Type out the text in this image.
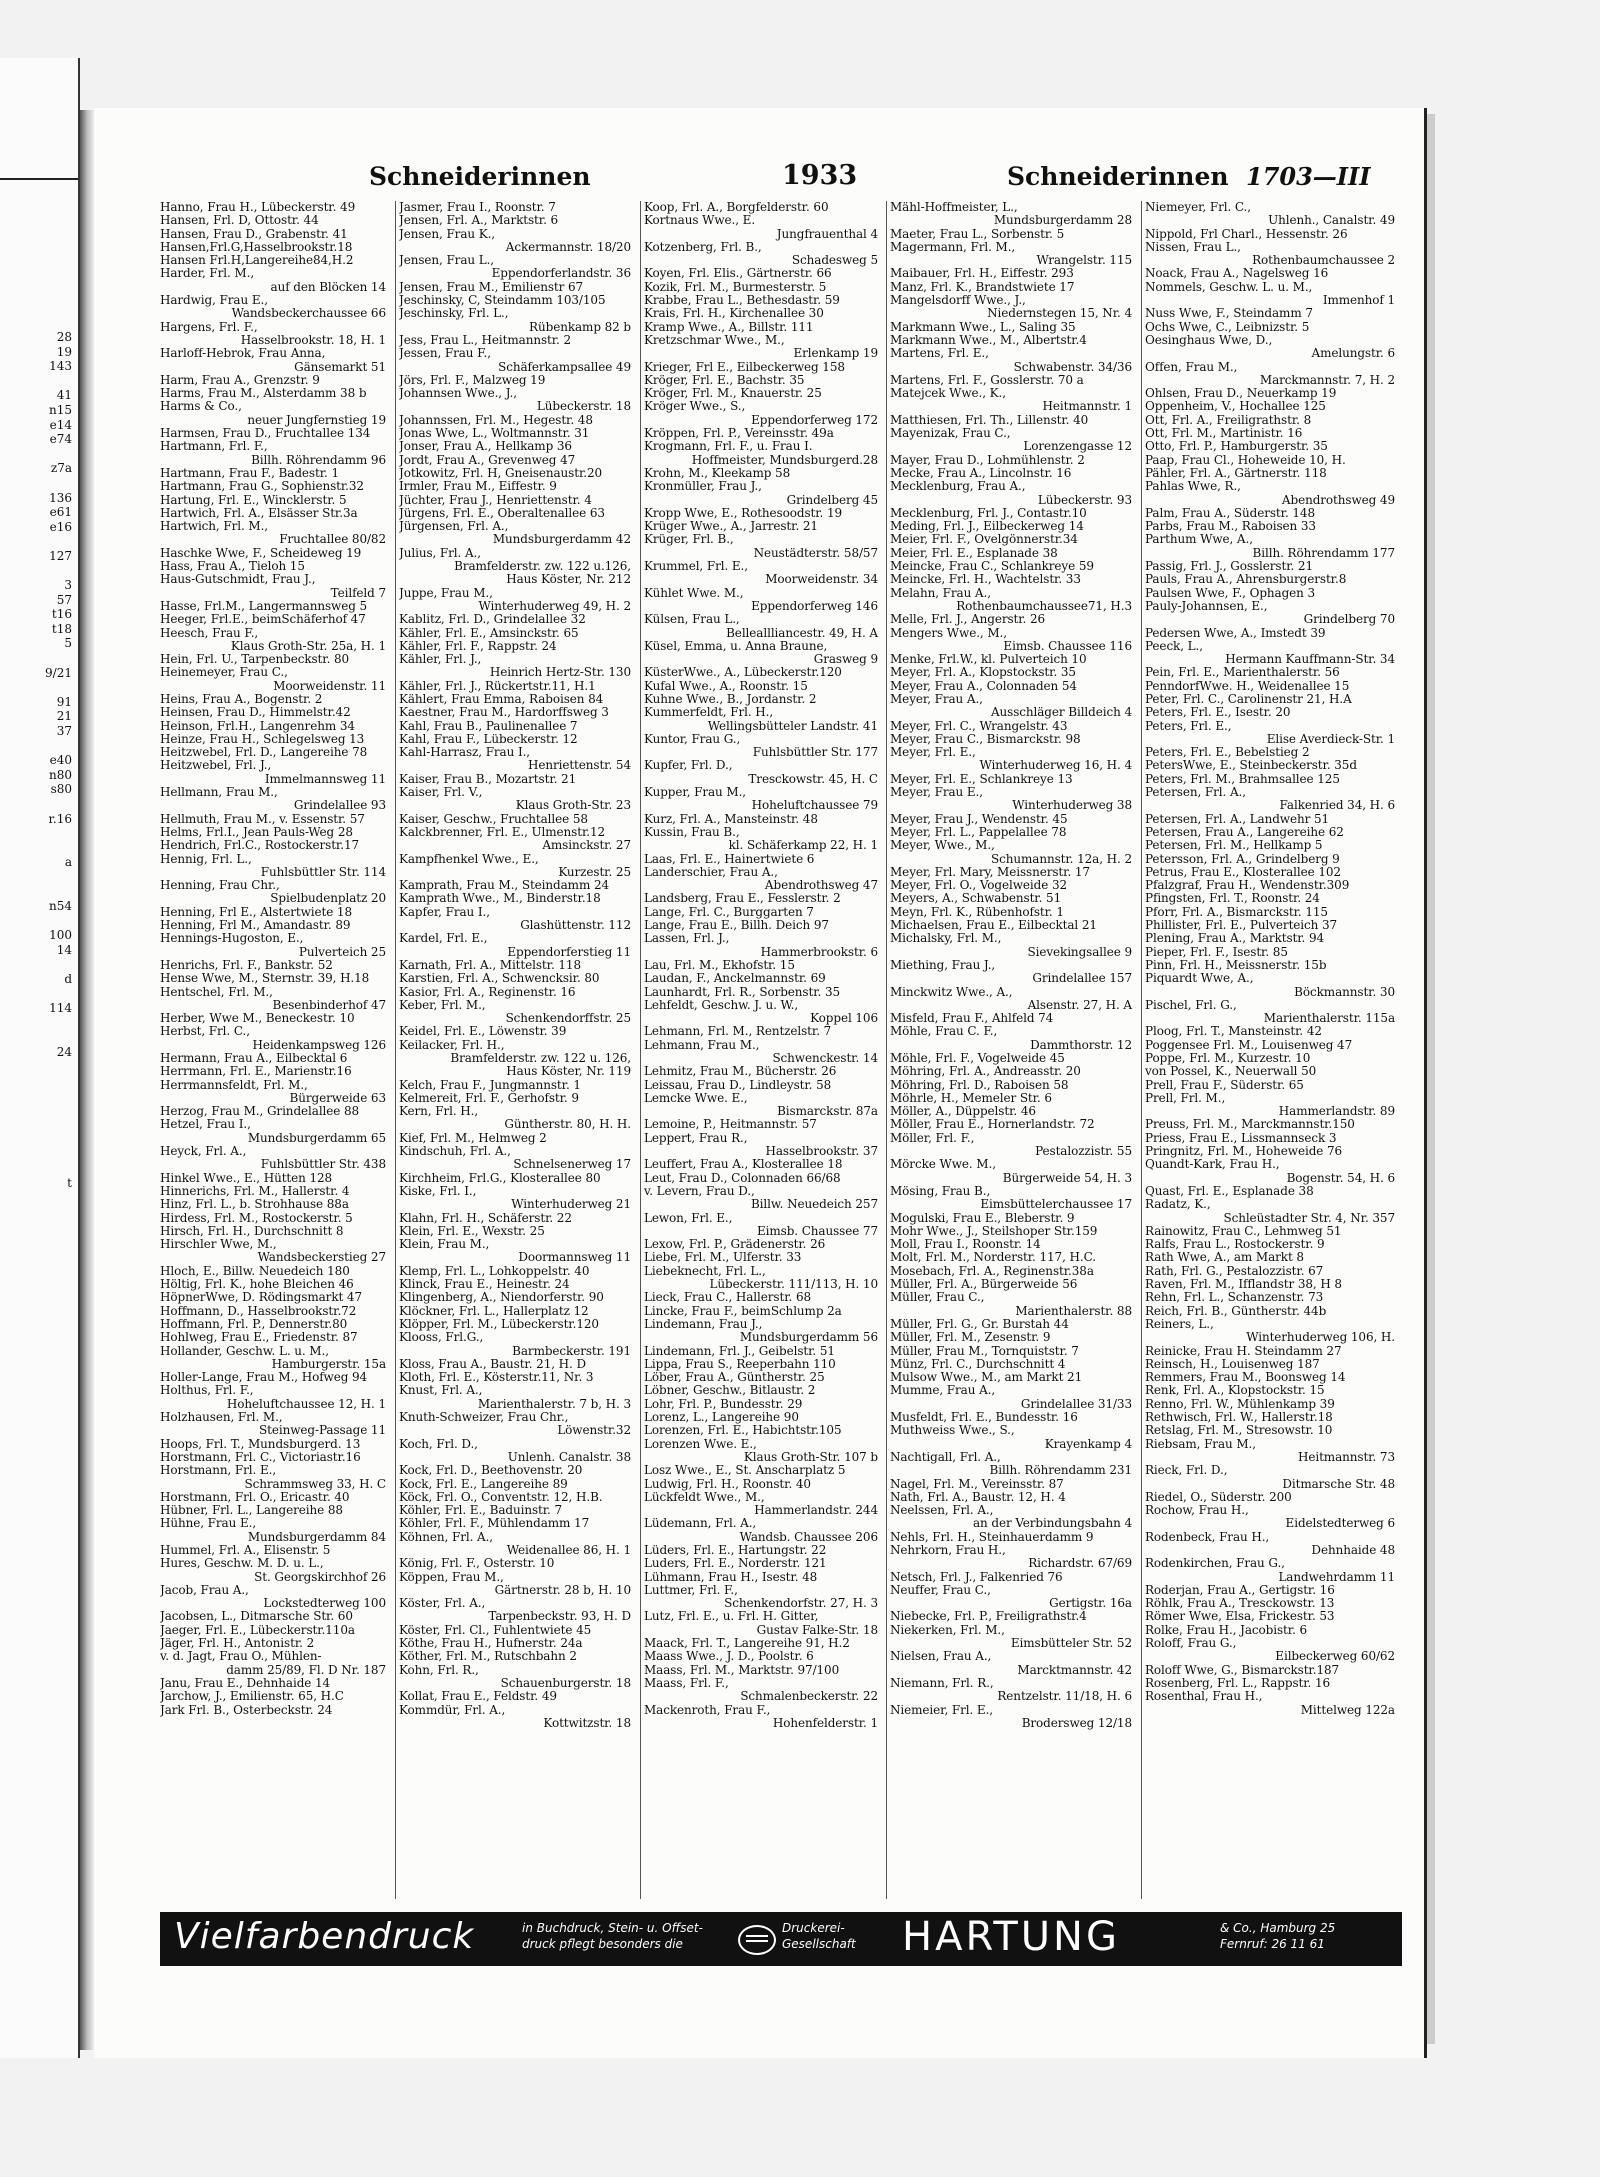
28
19
143

41
n15
e14
e74

z7a

136
e61
e16

127

3
57
t16
t18
5

9/21

91
21
37

e40
n80
s80

r.16

a

n54

100
14

d

114

24

t

Schneiderinnen	1933	Schneiderinnen 1703—III
Hanno, Frau H., Lübeckerstr. 49
Hansen, Frl. D, Ottostr. 44
Hansen, Frau D., Grabenstr. 41
Hansen,Frl.G,Hasselbrookstr.18
Hansen Frl.H,Langereihe84,H.2
Harder, Frl. M.,
auf den Blöcken 14
Hardwig, Frau E.,
Wandsbeckerchaussee 66
Hargens, Frl. F.,
Hasselbrookstr. 18, H. 1
Harloff-Hebrok, Frau Anna,
Gänsemarkt 51
Harm, Frau A., Grenzstr. 9
Harms, Frau M., Alsterdamm 38 b
Harms & Co.,
neuer Jungfernstieg 19
Harmsen, Frau D., Fruchtallee 134
Hartmann, Frl. F.,
Billh. Röhrendamm 96
Hartmann, Frau F., Badestr. 1
Hartmann, Frau G., Sophienstr.32
Hartung, Frl. E., Wincklerstr. 5
Hartwich, Frl. A., Elsässer Str.3a
Hartwich, Frl. M.,
Fruchtallee 80/82
Haschke Wwe, F., Scheideweg 19
Hass, Frau A., Tieloh 15
Haus-Gutschmidt, Frau J.,
Teilfeld 7
Hasse, Frl.M., Langermannsweg 5
Heeger, Frl.E., beimSchäferhof 47
Heesch, Frau F.,
Klaus Groth-Str. 25a, H. 1
Hein, Frl. U., Tarpenbeckstr. 80
Heinemeyer, Frau C.,
Moorweidenstr. 11
Heins, Frau A., Bogenstr. 2
Heinsen, Frau D., Himmelstr.42
Heinson, Frl.H., Langenrehm 34
Heinze, Frau H., Schlegelsweg 13
Heitzwebel, Frl. D., Langereihe 78
Heitzwebel, Frl. J.,
Immelmannsweg 11
Hellmann, Frau M.,
Grindelallee 93
Hellmuth, Frau M., v. Essenstr. 57
Helms, Frl.I., Jean Pauls-Weg 28
Hendrich, Frl.C., Rostockerstr.17
Hennig, Frl. L.,
Fuhlsbüttler Str. 114
Henning, Frau Chr.,
Spielbudenplatz 20
Henning, Frl E., Alstertwiete 18
Henning, Frl M., Amandastr. 89
Hennings-Hugoston, E.,
Pulverteich 25
Henrichs, Frl. F., Bankstr. 52
Hense Wwe, M., Sternstr. 39, H.18
Hentschel, Frl. M.,
Besenbinderhof 47
Herber, Wwe M., Beneckestr. 10
Herbst, Frl. C.,
Heidenkampsweg 126
Hermann, Frau A., Eilbecktal 6
Herrmann, Frl. E., Marienstr.16
Herrmannsfeldt, Frl. M.,
Bürgerweide 63
Herzog, Frau M., Grindelallee 88
Hetzel, Frau I.,
Mundsburgerdamm 65
Heyck, Frl. A.,
Fuhlsbüttler Str. 438
Hinkel Wwe., E., Hütten 128
Hinnerichs, Frl. M., Hallerstr. 4
Hinz, Frl. L., b. Strohhause 88a
Hirdess, Frl. M., Rostockerstr. 5
Hirsch, Frl. H., Durchschnitt 8
Hirschler Wwe, M.,
Wandsbeckerstieg 27
Hloch, E., Billw. Neuedeich 180
Höltig, Frl. K., hohe Bleichen 46
HöpnerWwe, D. Rödingsmarkt 47
Hoffmann, D., Hasselbrookstr.72
Hoffmann, Frl. P., Dennerstr.80
Hohlweg, Frau E., Friedenstr. 87
Hollander, Geschw. L. u. M.,
Hamburgerstr. 15a
Holler-Lange, Frau M., Hofweg 94
Holthus, Frl. F.,
Hoheluftchaussee 12, H. 1
Holzhausen, Frl. M.,
Steinweg-Passage 11
Hoops, Frl. T., Mundsburgerd. 13
Horstmann, Frl. C., Victoriastr.16
Horstmann, Frl. E.,
Schrammsweg 33, H. C
Horstmann, Frl. O., Ericastr. 40
Hübner, Frl. L., Langereihe 88
Hühne, Frau E.,
Mundsburgerdamm 84
Hummel, Frl. A., Elisenstr. 5
Hures, Geschw. M. D. u. L.,
St. Georgskirchhof 26
Jacob, Frau A.,
Lockstedterweg 100
Jacobsen, L., Ditmarsche Str. 60
Jaeger, Frl. E., Lübeckerstr.110a
Jäger, Frl. H., Antonistr. 2
v. d. Jagt, Frau O., Mühlen-
damm 25/89, Fl. D Nr. 187
Janu, Frau E., Dehnhaide 14
Jarchow, J., Emilienstr. 65, H.C
Jark Frl. B., Osterbeckstr. 24
Jasmer, Frau I., Roonstr. 7
Jensen, Frl. A., Marktstr. 6
Jensen, Frau K.,
Ackermannstr. 18/20
Jensen, Frau L.,
Eppendorferlandstr. 36
Jensen, Frau M., Emilienstr 67
Jeschinsky, C, Steindamm 103/105
Jeschinsky, Frl. L.,
Rübenkamp 82 b
Jess, Frau L., Heitmannstr. 2
Jessen, Frau F.,
Schäferkampsallee 49
Jörs, Frl. F., Malzweg 19
Johannsen Wwe., J.,
Lübeckerstr. 18
Johannssen, Frl. M., Hegestr. 48
Jonas Wwe, L., Woltmannstr. 31
Jonser, Frau A., Hellkamp 36
Jordt, Frau A., Grevenweg 47
Jotkowitz, Frl. H, Gneisenaustr.20
Irmler, Frau M., Eiffestr. 9
Jüchter, Frau J., Henriettenstr. 4
Jürgens, Frl. E., Oberaltenallee 63
Jürgensen, Frl. A.,
Mundsburgerdamm 42
Julius, Frl. A.,
Bramfelderstr. zw. 122 u.126,
Haus Köster, Nr. 212
Juppe, Frau M.,
Winterhuderweg 49, H. 2
Kablitz, Frl. D., Grindelallee 32
Kähler, Frl. E., Amsinckstr. 65
Kähler, Frl. F., Rappstr. 24
Kähler, Frl. J.,
Heinrich Hertz-Str. 130
Kähler, Frl. J., Rückertstr.11, H.1
Kählert, Frau Emma, Raboisen 84
Kaestner, Frau M., Hardorffsweg 3
Kahl, Frau B., Paulinenallee 7
Kahl, Frau F., Lübeckerstr. 12
Kahl-Harrasz, Frau I.,
Henriettenstr. 54
Kaiser, Frau B., Mozartstr. 21
Kaiser, Frl. V.,
Klaus Groth-Str. 23
Kaiser, Geschw., Fruchtallee 58
Kalckbrenner, Frl. E., Ulmenstr.12
Amsinckstr. 27
Kampfhenkel Wwe., E.,
Kurzestr. 25
Kamprath, Frau M., Steindamm 24
Kamprath Wwe., M., Binderstr.18
Kapfer, Frau I.,
Glashüttenstr. 112
Kardel, Frl. E.,
Eppendorferstieg 11
Karnath, Frl. A., Mittelstr. 118
Karstien, Frl. A., Schwencksir. 80
Kasior, Frl. A., Reginenstr. 16
Keber, Frl. M.,
Schenkendorffstr. 25
Keidel, Frl. E., Löwenstr. 39
Keilacker, Frl. H.,
Bramfelderstr. zw. 122 u. 126,
Haus Köster, Nr. 119
Kelch, Frau F., Jungmannstr. 1
Kelmereit, Frl. F., Gerhofstr. 9
Kern, Frl. H.,
Güntherstr. 80, H. H.
Kief, Frl. M., Helmweg 2
Kindschuh, Frl. A.,
Schnelsenerweg 17
Kirchheim, Frl.G., Klosterallee 80
Kiske, Frl. I.,
Winterhuderweg 21
Klahn, Frl. H., Schäferstr. 22
Klein, Frl. E., Wexstr. 25
Klein, Frau M.,
Doormannsweg 11
Klemp, Frl. L., Lohkoppelstr. 40
Klinck, Frau E., Heinestr. 24
Klingenberg, A., Niendorferstr. 90
Klöckner, Frl. L., Hallerplatz 12
Klöpper, Frl. M., Lübeckerstr.120
Klooss, Frl.G.,
Barmbeckerstr. 191
Kloss, Frau A., Baustr. 21, H. D
Kloth, Frl. E., Kösterstr.11, Nr. 3
Knust, Frl. A.,
Marienthalerstr. 7 b, H. 3
Knuth-Schweizer, Frau Chr.,
Löwenstr.32
Koch, Frl. D.,
Unlenh. Canalstr. 38
Kock, Frl. D., Beethovenstr. 20
Kock, Frl. E., Langereihe 89
Köck, Frl. O., Conventstr. 12, H.B.
Köhler, Frl. E., Baduinstr. 7
Köhler, Frl. F., Mühlendamm 17
Köhnen, Frl. A.,
Weidenallee 86, H. 1
König, Frl. F., Osterstr. 10
Köppen, Frau M.,
Gärtnerstr. 28 b, H. 10
Köster, Frl. A.,
Tarpenbeckstr. 93, H. D
Köster, Frl. Cl., Fuhlentwiete 45
Köthe, Frau H., Hufnerstr. 24a
Köther, Frl. M., Rutschbahn 2
Kohn, Frl. R.,
Schauenburgerstr. 18
Kollat, Frau E., Feldstr. 49
Kommdür, Frl. A.,
Kottwitzstr. 18
Koop, Frl. A., Borgfelderstr. 60
Kortnaus Wwe., E.
Jungfrauenthal 4
Kotzenberg, Frl. B.,
Schadesweg 5
Koyen, Frl. Elis., Gärtnerstr. 66
Kozik, Frl. M., Burmesterstr. 5
Krabbe, Frau L., Bethesdastr. 59
Krais, Frl. H., Kirchenallee 30
Kramp Wwe., A., Billstr. 111
Kretzschmar Wwe., M.,
Erlenkamp 19
Krieger, Frl E., Eilbeckerweg 158
Kröger, Frl. E., Bachstr. 35
Kröger, Frl. M., Knauerstr. 25
Kröger Wwe., S.,
Eppendorferweg 172
Kröppen, Frl. P., Vereinsstr. 49a
Krogmann, Frl. F., u. Frau I.
Hoffmeister, Mundsburgerd.28
Krohn, M., Kleekamp 58
Kronmüller, Frau J.,
Grindelberg 45
Kropp Wwe, E., Rothesoodstr. 19
Krüger Wwe., A., Jarrestr. 21
Krüger, Frl. B.,
Neustädterstr. 58/57
Krummel, Frl. E.,
Moorweidenstr. 34
Kühlet Wwe. M.,
Eppendorferweg 146
Külsen, Frau L.,
Belleallliancestr. 49, H. A
Küsel, Emma, u. Anna Braune,
Grasweg 9
KüsterWwe., A., Lübeckerstr.120
Kufal Wwe., A., Roonstr. 15
Kuhne Wwe., B., Jordanstr. 2
Kummerfeldt, Frl. H.,
Wellingsbütteler Landstr. 41
Kuntor, Frau G.,
Fuhlsbüttler Str. 177
Kupfer, Frl. D.,
Tresckowstr. 45, H. C
Kupper, Frau M.,
Hoheluftchaussee 79
Kurz, Frl. A., Mansteinstr. 48
Kussin, Frau B.,
kl. Schäferkamp 22, H. 1
Laas, Frl. E., Hainertwiete 6
Landerschier, Frau A.,
Abendrothsweg 47
Landsberg, Frau E., Fesslerstr. 2
Lange, Frl. C., Burggarten 7
Lange, Frau E., Billh. Deich 97
Lassen, Frl. J.,
Hammerbrookstr. 6
Lau, Frl. M., Ekhofstr. 15
Laudan, F., Anckelmannstr. 69
Launhardt, Frl. R., Sorbenstr. 35
Lehfeldt, Geschw. J. u. W.,
Koppel 106
Lehmann, Frl. M., Rentzelstr. 7
Lehmann, Frau M.,
Schwenckestr. 14
Lehmitz, Frau M., Bücherstr. 26
Leissau, Frau D., Lindleystr. 58
Lemcke Wwe. E.,
Bismarckstr. 87a
Lemoine, P., Heitmannstr. 57
Leppert, Frau R.,
Hasselbrookstr. 37
Leuffert, Frau A., Klosterallee 18
Leut, Frau D., Colonnaden 66/68
v. Levern, Frau D.,
Billw. Neuedeich 257
Lewon, Frl. E.,
Eimsb. Chaussee 77
Lexow, Frl. P., Grädenerstr. 26
Liebe, Frl. M., Ulferstr. 33
Liebeknecht, Frl. L.,
Lübeckerstr. 111/113, H. 10
Lieck, Frau C., Hallerstr. 68
Lincke, Frau F., beimSchlump 2a
Lindemann, Frau J.,
Mundsburgerdamm 56
Lindemann, Frl. J., Geibelstr. 51
Lippa, Frau S., Reeperbahn 110
Löber, Frau A., Güntherstr. 25
Löbner, Geschw., Bitlaustr. 2
Lohr, Frl. P., Bundesstr. 29
Lorenz, L., Langereihe 90
Lorenzen, Frl. E., Habichtstr.105
Lorenzen Wwe. E.,
Klaus Groth-Str. 107 b
Losz Wwe., E., St. Anscharplatz 5
Ludwig, Frl. H., Roonstr. 40
Lückfeldt Wwe., M.,
Hammerlandstr. 244
Lüdemann, Frl. A.,
Wandsb. Chaussee 206
Lüders, Frl. E., Hartungstr. 22
Luders, Frl. E., Norderstr. 121
Lühmann, Frau H., Isestr. 48
Luttmer, Frl. F.,
Schenkendorfstr. 27, H. 3
Lutz, Frl. E., u. Frl. H. Gitter,
Gustav Falke-Str. 18
Maack, Frl. T., Langereihe 91, H.2
Maass Wwe., J. D., Poolstr. 6
Maass, Frl. M., Marktstr. 97/100
Maass, Frl. F.,
Schmalenbeckerstr. 22
Mackenroth, Frau F.,
Hohenfelderstr. 1
Mähl-Hoffmeister, L.,
Mundsburgerdamm 28
Maeter, Frau L., Sorbenstr. 5
Magermann, Frl. M.,
Wrangelstr. 115
Maibauer, Frl. H., Eiffestr. 293
Manz, Frl. K., Brandstwiete 17
Mangelsdorff Wwe., J.,
Niedernstegen 15, Nr. 4
Markmann Wwe., L., Saling 35
Markmann Wwe., M., Albertstr.4
Martens, Frl. E.,
Schwabenstr. 34/36
Martens, Frl. F., Gosslerstr. 70 a
Matejcek Wwe., K.,
Heitmannstr. 1
Matthiesen, Frl. Th., Lillenstr. 40
Mayenizak, Frau C.,
Lorenzengasse 12
Mayer, Frau D., Lohmühlenstr. 2
Mecke, Frau A., Lincolnstr. 16
Mecklenburg, Frau A.,
Lübeckerstr. 93
Mecklenburg, Frl. J., Contastr.10
Meding, Frl. J., Eilbeckerweg 14
Meier, Frl. F., Ovelgönnerstr.34
Meier, Frl. E., Esplanade 38
Meincke, Frau C., Schlankreye 59
Meincke, Frl. H., Wachtelstr. 33
Melahn, Frau A.,
Rothenbaumchaussee71, H.3
Melle, Frl. J., Angerstr. 26
Mengers Wwe., M.,
Eimsb. Chaussee 116
Menke, Frl.W., kl. Pulverteich 10
Meyer, Frl. A., Klopstockstr. 35
Meyer, Frau A., Colonnaden 54
Meyer, Frau A.,
Ausschläger Billdeich 4
Meyer, Frl. C., Wrangelstr. 43
Meyer, Frau C., Bismarckstr. 98
Meyer, Frl. E.,
Winterhuderweg 16, H. 4
Meyer, Frl. E., Schlankreye 13
Meyer, Frau E.,
Winterhuderweg 38
Meyer, Frau J., Wendenstr. 45
Meyer, Frl. L., Pappelallee 78
Meyer, Wwe., M.,
Schumannstr. 12a, H. 2
Meyer, Frl. Mary, Meissnerstr. 17
Meyer, Frl. O., Vogelweide 32
Meyers, A., Schwabenstr. 51
Meyn, Frl. K., Rübenhofstr. 1
Michaelsen, Frau E., Eilbecktal 21
Michalsky, Frl. M.,
Sievekingsallee 9
Miething, Frau J.,
Grindelallee 157
Minckwitz Wwe., A.,
Alsenstr. 27, H. A
Misfeld, Frau F., Ahlfeld 74
Möhle, Frau C. F.,
Dammthorstr. 12
Möhle, Frl. F., Vogelweide 45
Möhring, Frl. A., Andreasstr. 20
Möhring, Frl. D., Raboisen 58
Möhrle, H., Memeler Str. 6
Möller, A., Düppelstr. 46
Möller, Frau E., Hornerlandstr. 72
Möller, Frl. F.,
Pestalozzistr. 55
Mörcke Wwe. M.,
Bürgerweide 54, H. 3
Mösing, Frau B.,
Eimsbüttelerchaussee 17
Mogulski, Frau E., Bleberstr. 9
Mohr Wwe., J., Steilshoper Str.159
Moll, Frau I., Roonstr. 14
Molt, Frl. M., Norderstr. 117, H.C.
Mosebach, Frl. A., Reginenstr.38a
Müller, Frl. A., Bürgerweide 56
Müller, Frau C.,
Marienthalerstr. 88
Müller, Frl. G., Gr. Burstah 44
Müller, Frl. M., Zesenstr. 9
Müller, Frau M., Tornquiststr. 7
Münz, Frl. C., Durchschnitt 4
Mulsow Wwe., M., am Markt 21
Mumme, Frau A.,
Grindelallee 31/33
Musfeldt, Frl. E., Bundesstr. 16
Muthweiss Wwe., S.,
Krayenkamp 4
Nachtigall, Frl. A.,
Billh. Röhrendamm 231
Nagel, Frl. M., Vereinsstr. 87
Nath, Frl. A., Baustr. 12, H. 4
Neelssen, Frl. A.,
an der Verbindungsbahn 4
Nehls, Frl. H., Steinhauerdamm 9
Nehrkorn, Frau H.,
Richardstr. 67/69
Netsch, Frl. J., Falkenried 76
Neuffer, Frau C.,
Gertigstr. 16a
Niebecke, Frl. P., Freiligrathstr.4
Niekerken, Frl. M.,
Eimsbütteler Str. 52
Nielsen, Frau A.,
Marcktmannstr. 42
Niemann, Frl. R.,
Rentzelstr. 11/18, H. 6
Niemeier, Frl. E.,
Brodersweg 12/18
Niemeyer, Frl. C.,
Uhlenh., Canalstr. 49
Nippold, Frl Charl., Hessenstr. 26
Nissen, Frau L.,
Rothenbaumchaussee 2
Noack, Frau A., Nagelsweg 16
Nommels, Geschw. L. u. M.,
Immenhof 1
Nuss Wwe, F., Steindamm 7
Ochs Wwe, C., Leibnizstr. 5
Oesinghaus Wwe, D.,
Amelungstr. 6
Offen, Frau M.,
Marckmannstr. 7, H. 2
Ohlsen, Frau D., Neuerkamp 19
Oppenheim, V., Hochallee 125
Ott, Frl. A., Freiligrathstr. 8
Ott, Frl. M., Martinistr. 16
Otto, Frl. P., Hamburgerstr. 35
Paap, Frau Cl., Hoheweide 10, H.
Pähler, Frl. A., Gärtnerstr. 118
Pahlas Wwe, R.,
Abendrothsweg 49
Palm, Frau A., Süderstr. 148
Parbs, Frau M., Raboisen 33
Parthum Wwe, A.,
Billh. Röhrendamm 177
Passig, Frl. J., Gosslerstr. 21
Pauls, Frau A., Ahrensburgerstr.8
Paulsen Wwe, F., Ophagen 3
Pauly-Johannsen, E.,
Grindelberg 70
Pedersen Wwe, A., Imstedt 39
Peeck, L.,
Hermann Kauffmann-Str. 34
Pein, Frl. E., Marienthalerstr. 56
PenndorfWwe. H., Weidenallee 15
Peter, Frl. C., Carolinenstr 21, H.A
Peters, Frl. E., Isestr. 20
Peters, Frl. E.,
Elise Averdieck-Str. 1
Peters, Frl. E., Bebelstieg 2
PetersWwe, E., Steinbeckerstr. 35d
Peters, Frl. M., Brahmsallee 125
Petersen, Frl. A.,
Falkenried 34, H. 6
Petersen, Frl. A., Landwehr 51
Petersen, Frau A., Langereihe 62
Petersen, Frl. M., Hellkamp 5
Petersson, Frl. A., Grindelberg 9
Petrus, Frau E., Klosterallee 102
Pfalzgraf, Frau H., Wendenstr.309
Pfingsten, Frl. T., Roonstr. 24
Pforr, Frl. A., Bismarckstr. 115
Phillister, Frl. E., Pulverteich 37
Plening, Frau A., Marktstr. 94
Pieper, Frl. F., Isestr. 85
Pinn, Frl. H., Meissnerstr. 15b
Piquardt Wwe, A.,
Böckmannstr. 30
Pischel, Frl. G.,
Marienthalerstr. 115a
Ploog, Frl. T., Mansteinstr. 42
Poggensee Frl. M., Louisenweg 47
Poppe, Frl. M., Kurzestr. 10
von Possel, K., Neuerwall 50
Prell, Frau F., Süderstr. 65
Prell, Frl. M.,
Hammerlandstr. 89
Preuss, Frl. M., Marckmannstr.150
Priess, Frau E., Lissmannseck 3
Pringnitz, Frl. M., Hoheweide 76
Quandt-Kark, Frau H.,
Bogenstr. 54, H. 6
Quast, Frl. E., Esplanade 38
Radatz, K.,
Schleüstadter Str. 4, Nr. 357
Rainowitz, Frau C., Lehmweg 51
Ralfs, Frau L., Rostockerstr. 9
Rath Wwe, A., am Markt 8
Rath, Frl. G., Pestalozzistr. 67
Raven, Frl. M., Ifflandstr 38, H 8
Rehn, Frl. L., Schanzenstr. 73
Reich, Frl. B., Güntherstr. 44b
Reiners, L.,
Winterhuderweg 106, H.
Reinicke, Frau H. Steindamm 27
Reinsch, H., Louisenweg 187
Remmers, Frau M., Boonsweg 14
Renk, Frl. A., Klopstockstr. 15
Renno, Frl. W., Mühlenkamp 39
Rethwisch, Frl. W., Hallerstr.18
Retslag, Frl. M., Stresowstr. 10
Riebsam, Frau M.,
Heitmannstr. 73
Rieck, Frl. D.,
Ditmarsche Str. 48
Riedel, O., Süderstr. 200
Rochow, Frau H.,
Eidelstedterweg 6
Rodenbeck, Frau H.,
Dehnhaide 48
Rodenkirchen, Frau G.,
Landwehrdamm 11
Roderjan, Frau A., Gertigstr. 16
Röhlk, Frau A., Tresckowstr. 13
Römer Wwe, Elsa, Frickestr. 53
Rolke, Frau H., Jacobistr. 6
Roloff, Frau G.,
Eilbeckerweg 60/62
Roloff Wwe, G., Bismarckstr.187
Rosenberg, Frl. L., Rappstr. 16
Rosenthal, Frau H.,
Mittelweg 122a
Vielfarbendruck	in Buchdruck, Stein- u. Offset- druck pflegt besonders die
Druckerei- Gesellschaft	HARTUNG	& Co., Hamburg 25 Fernruf: 26 11 61
